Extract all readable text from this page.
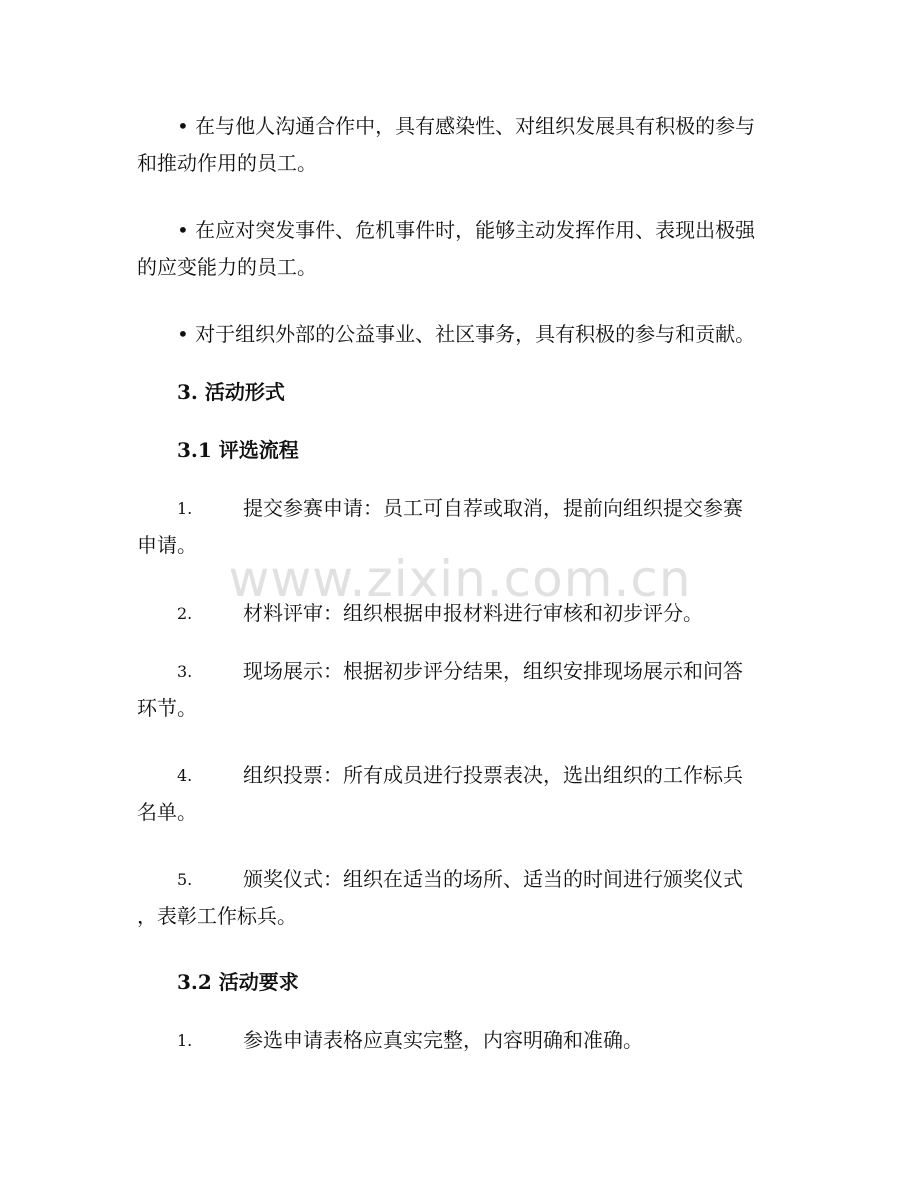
• 在与他人沟通合作中，具有感染性、对组织发展具有积极的参与
和推动作用的员工。

• 在应对突发事件、危机事件时，能够主动发挥作用、表现出极强
的应变能力的员工。

• 对于组织外部的公益事业、社区事务，具有积极的参与和贡献。

3. 活动形式
3.1 评选流程
1.	提交参赛申请：员工可自荐或取消，提前向组织提交参赛
申请。
2.	材料评审：组织根据申报材料进行审核和初步评分。
3.	现场展示：根据初步评分结果，组织安排现场展示和问答
环节。
4.	组织投票：所有成员进行投票表决，选出组织的工作标兵
名单。
5.	颁奖仪式：组织在适当的场所、适当的时间进行颁奖仪式
，表彰工作标兵。
3.2 活动要求
1.	参选申请表格应真实完整，内容明确和准确。
www.zixin.com.cn
